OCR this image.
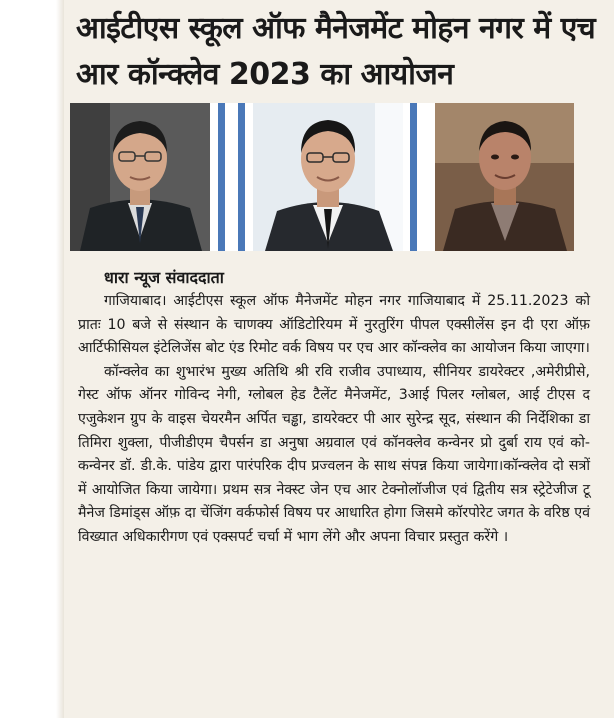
आईटीएस स्कूल ऑफ मैनेजमेंट मोहन नगर में एच आर कॉन्क्लेव 2023 का आयोजन
धारा न्यूज संवाददाता

गाजियाबाद। आईटीएस स्कूल ऑफ मैनेजमेंट मोहन नगर गाजियाबाद में 25.11.2023 को प्रातः 10 बजे से संस्थान के चाणक्य ऑडिटोरियम में नुरतुरिंग पीपल एक्सीलेंस इन दी एरा ऑफ़ आर्टिफीसियल इंटेलिजेंस बोट एंड रिमोट वर्क विषय पर एच आर कॉन्क्लेव का आयोजन किया जाएगा।

कॉन्क्लेव का शुभारंभ मुख्य अतिथि श्री रवि राजीव उपाध्याय, सीनियर डायरेक्टर ,अमेरीप्रीसे, गेस्ट ऑफ ऑनर गोविन्द नेगी, ग्लोबल हेड टैलेंट मैनेजमेंट, 3आई पिलर ग्लोबल, आई टीएस द एजुकेशन ग्रुप के वाइस चेयरमैन अर्पित चड्ढा, डायरेक्टर पी आर सुरेन्द्र सूद, संस्थान की निर्देशिका डा तिमिरा शुक्ला, पीजीडीएम चैपर्सन डा अनुषा अग्रवाल एवं कॉनक्लेव कन्वेनर प्रो दुर्बा राय एवं को-कन्वेनर डॉ. डी.के. पांडेय द्वारा पारंपरिक दीप प्रज्वलन के साथ संपन्न किया जायेगा।कॉन्क्लेव दो सत्रों में आयोजित किया जायेगा। प्रथम सत्र नेक्स्ट जेन एच आर टेक्नोलॉजीज एवं द्वितीय सत्र स्ट्रेटेजीज टू मैनेज डिमांड्स ऑफ़ दा चेंजिंग वर्कफोर्स विषय पर आधारित होगा जिसमे कॉरपोरेट जगत के वरिष्ठ एवं विख्यात अधिकारीगण एवं एक्सपर्ट चर्चा में भाग लेंगे और अपना विचार प्रस्तुत करेंगे ।
